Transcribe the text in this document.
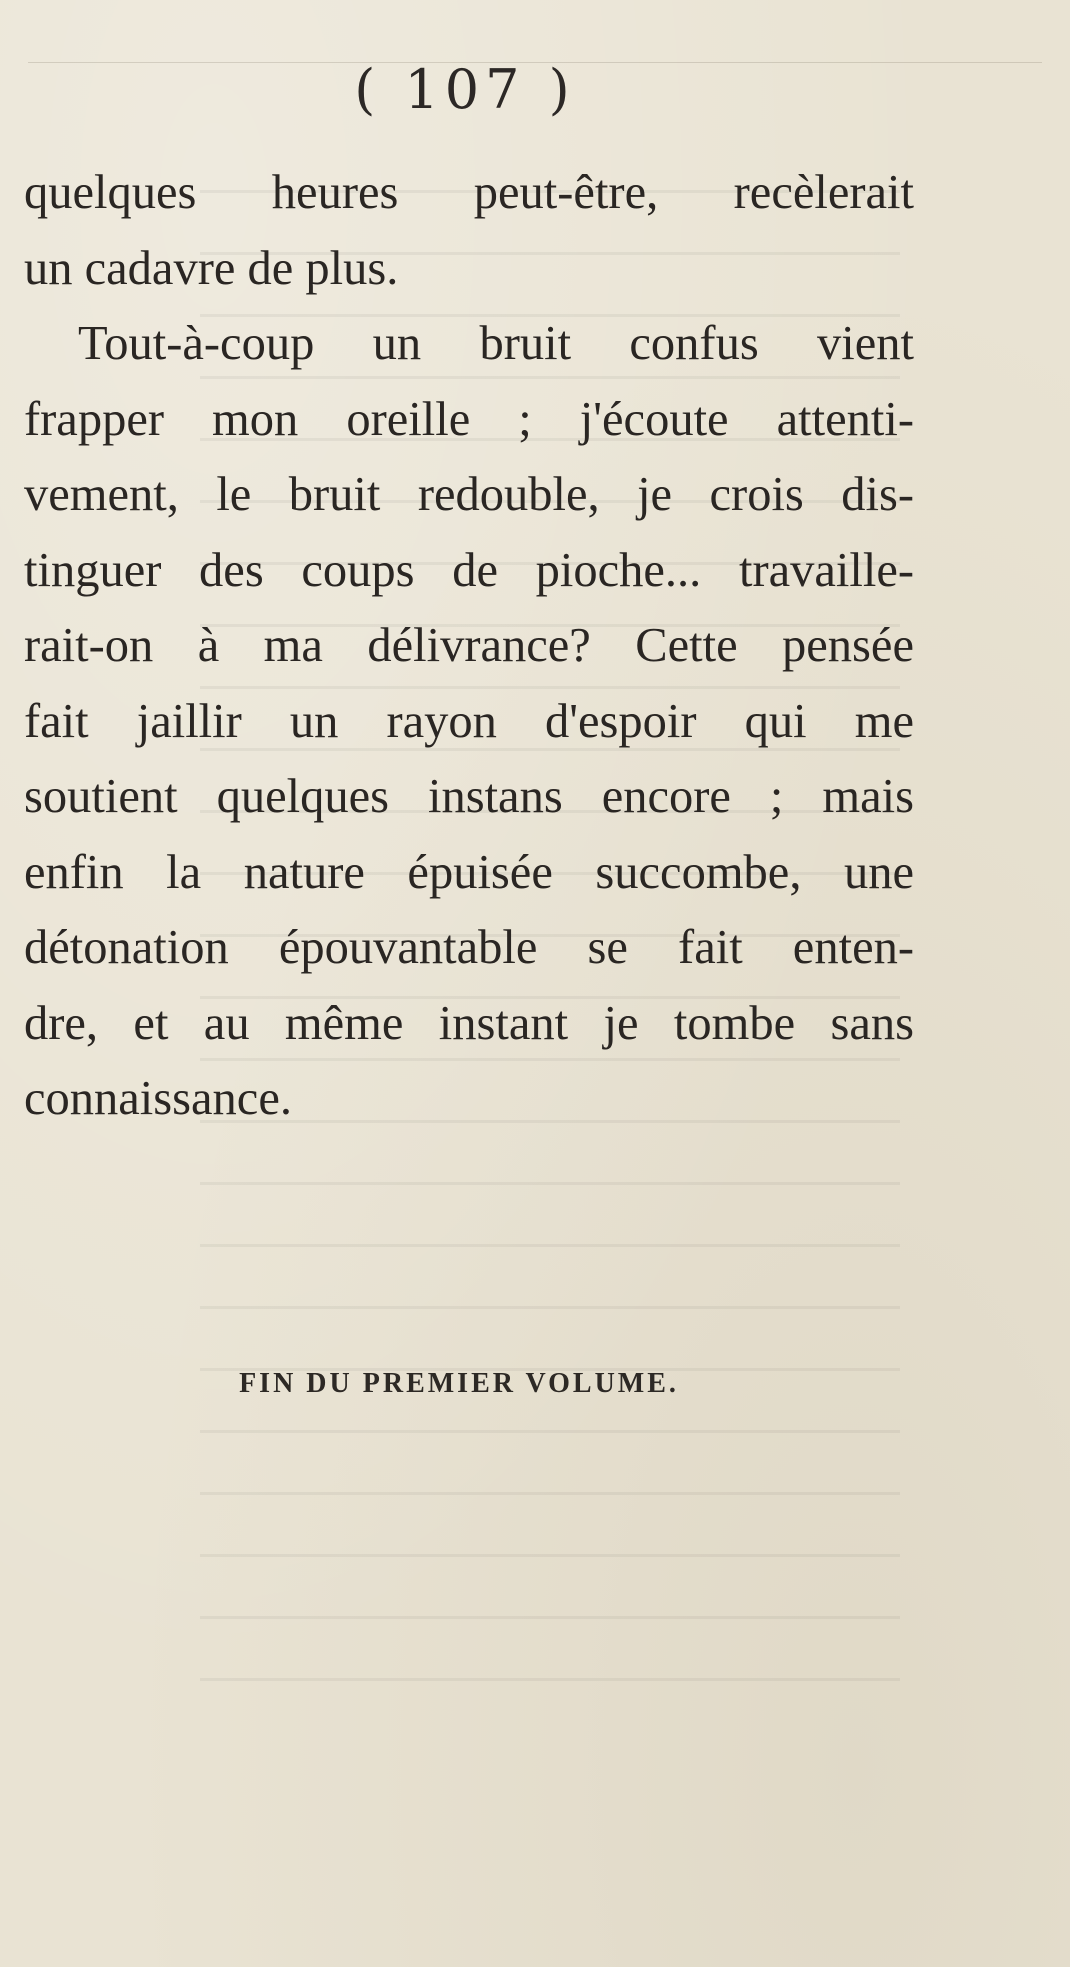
( 107 )
quelques heures peut-être, recèlerait
un cadavre de plus.
Tout-à-coup un bruit confus vient
frapper mon oreille ; j'écoute attenti-
vement, le bruit redouble, je crois dis-
tinguer des coups de pioche... travaille-
rait-on à ma délivrance? Cette pensée
fait jaillir un rayon d'espoir qui me
soutient quelques instans encore ; mais
enfin la nature épuisée succombe, une
détonation épouvantable se fait enten-
dre, et au même instant je tombe sans
connaissance.
FIN DU PREMIER VOLUME.
